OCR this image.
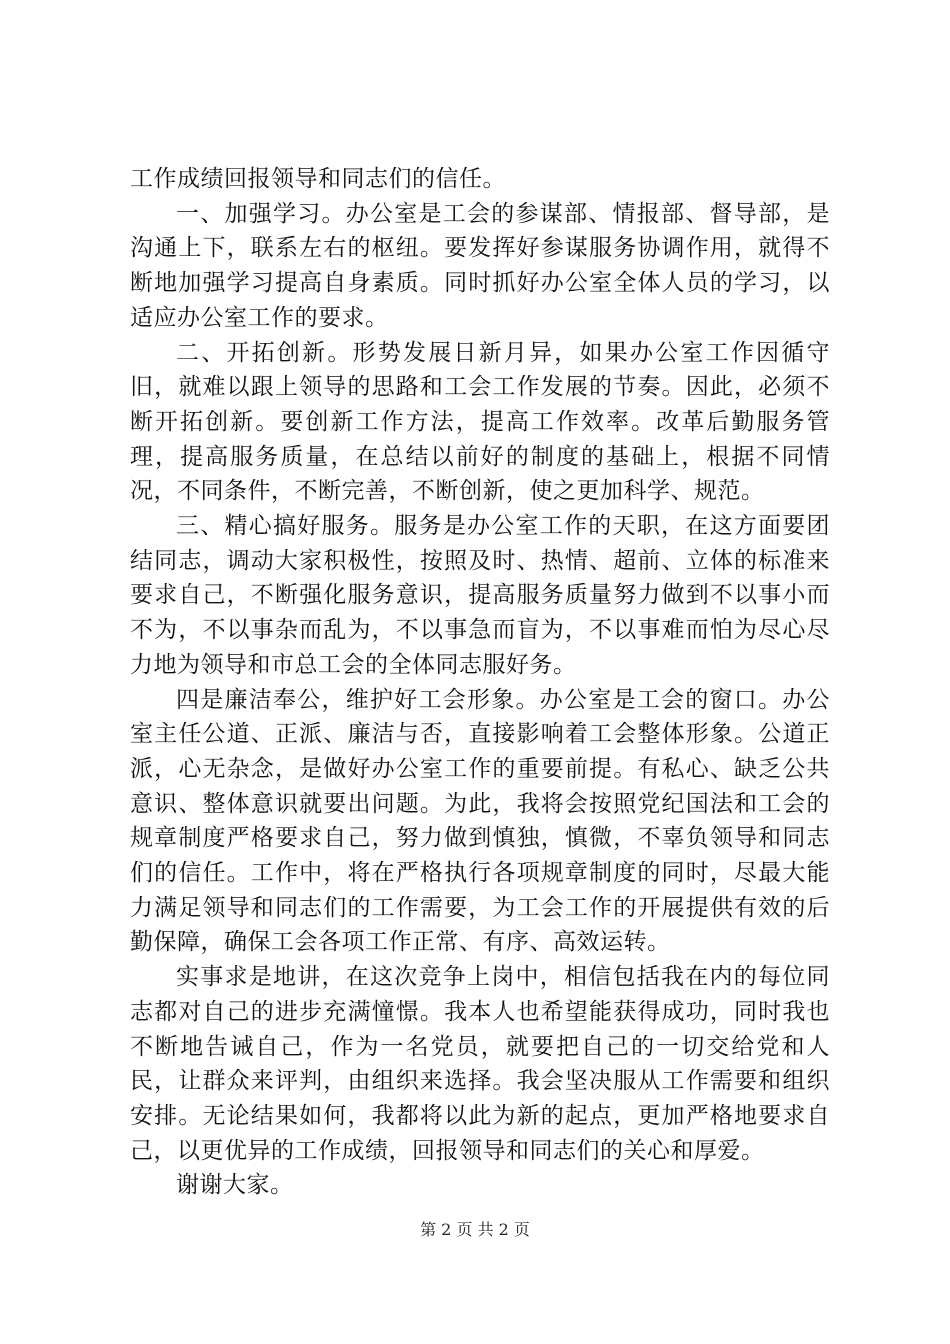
工作成绩回报领导和同志们的信任。

一、加强学习。办公室是工会的参谋部、情报部、督导部，是沟通上下，联系左右的枢纽。要发挥好参谋服务协调作用，就得不断地加强学习提高自身素质。同时抓好办公室全体人员的学习，以适应办公室工作的要求。

二、开拓创新。形势发展日新月异，如果办公室工作因循守旧，就难以跟上领导的思路和工会工作发展的节奏。因此，必须不断开拓创新。要创新工作方法，提高工作效率。改革后勤服务管理，提高服务质量，在总结以前好的制度的基础上，根据不同情况，不同条件，不断完善，不断创新，使之更加科学、规范。

三、精心搞好服务。服务是办公室工作的天职，在这方面要团结同志，调动大家积极性，按照及时、热情、超前、立体的标准来要求自己，不断强化服务意识，提高服务质量努力做到不以事小而不为，不以事杂而乱为，不以事急而盲为，不以事难而怕为尽心尽力地为领导和市总工会的全体同志服好务。

四是廉洁奉公，维护好工会形象。办公室是工会的窗口。办公室主任公道、正派、廉洁与否，直接影响着工会整体形象。公道正派，心无杂念，是做好办公室工作的重要前提。有私心、缺乏公共意识、整体意识就要出问题。为此，我将会按照党纪国法和工会的规章制度严格要求自己，努力做到慎独，慎微，不辜负领导和同志们的信任。工作中，将在严格执行各项规章制度的同时，尽最大能力满足领导和同志们的工作需要，为工会工作的开展提供有效的后勤保障，确保工会各项工作正常、有序、高效运转。

实事求是地讲，在这次竞争上岗中，相信包括我在内的每位同志都对自己的进步充满憧憬。我本人也希望能获得成功，同时我也不断地告诫自己，作为一名党员，就要把自己的一切交给党和人民，让群众来评判，由组织来选择。我会坚决服从工作需要和组织安排。无论结果如何，我都将以此为新的起点，更加严格地要求自己，以更优异的工作成绩，回报领导和同志们的关心和厚爱。

谢谢大家。

第 2 页 共 2 页
